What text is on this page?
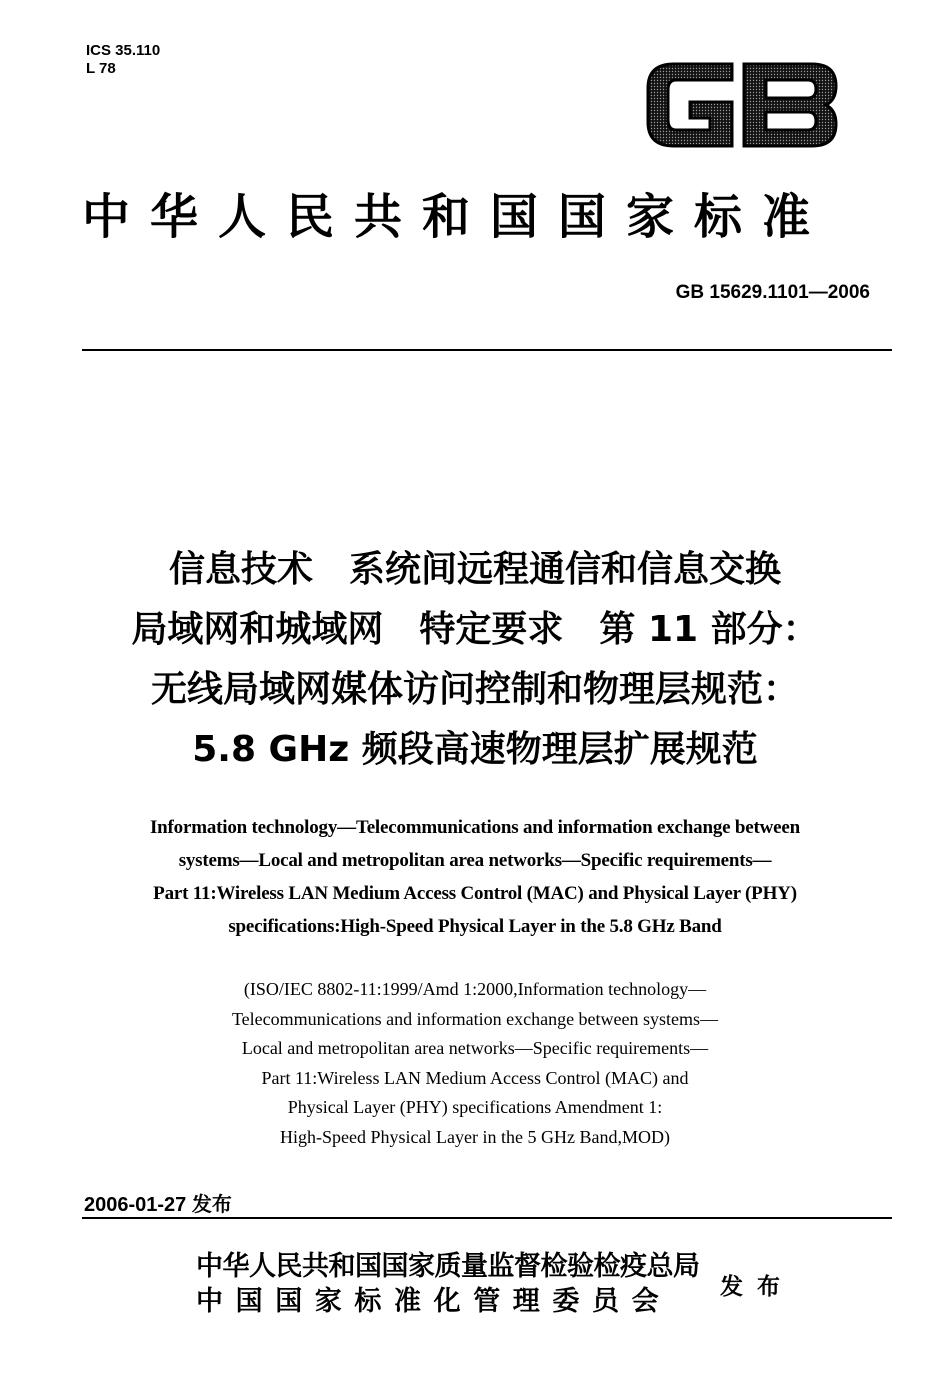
ICS 35.110
L 78
GB
中华人民共和国国家标准
GB 15629.1101—2006
信息技术　系统间远程通信和信息交换
局域网和城域网　特定要求　第 11 部分：
无线局域网媒体访问控制和物理层规范：
5.8 GHz 频段高速物理层扩展规范
Information technology—Telecommunications and information exchange between
systems—Local and metropolitan area networks—Specific requirements—
Part 11:Wireless LAN Medium Access Control (MAC) and Physical Layer (PHY)
specifications:High-Speed Physical Layer in the 5.8 GHz Band
(ISO/IEC 8802-11:1999/Amd 1:2000,Information technology—
Telecommunications and information exchange between systems—
Local and metropolitan area networks—Specific requirements—
Part 11:Wireless LAN Medium Access Control (MAC) and
Physical Layer (PHY) specifications Amendment 1:
High-Speed Physical Layer in the 5 GHz Band,MOD)
2006-01-27 发布
中华人民共和国国家质量监督检验检疫总局
中国国家标准化管理委员会	发布
